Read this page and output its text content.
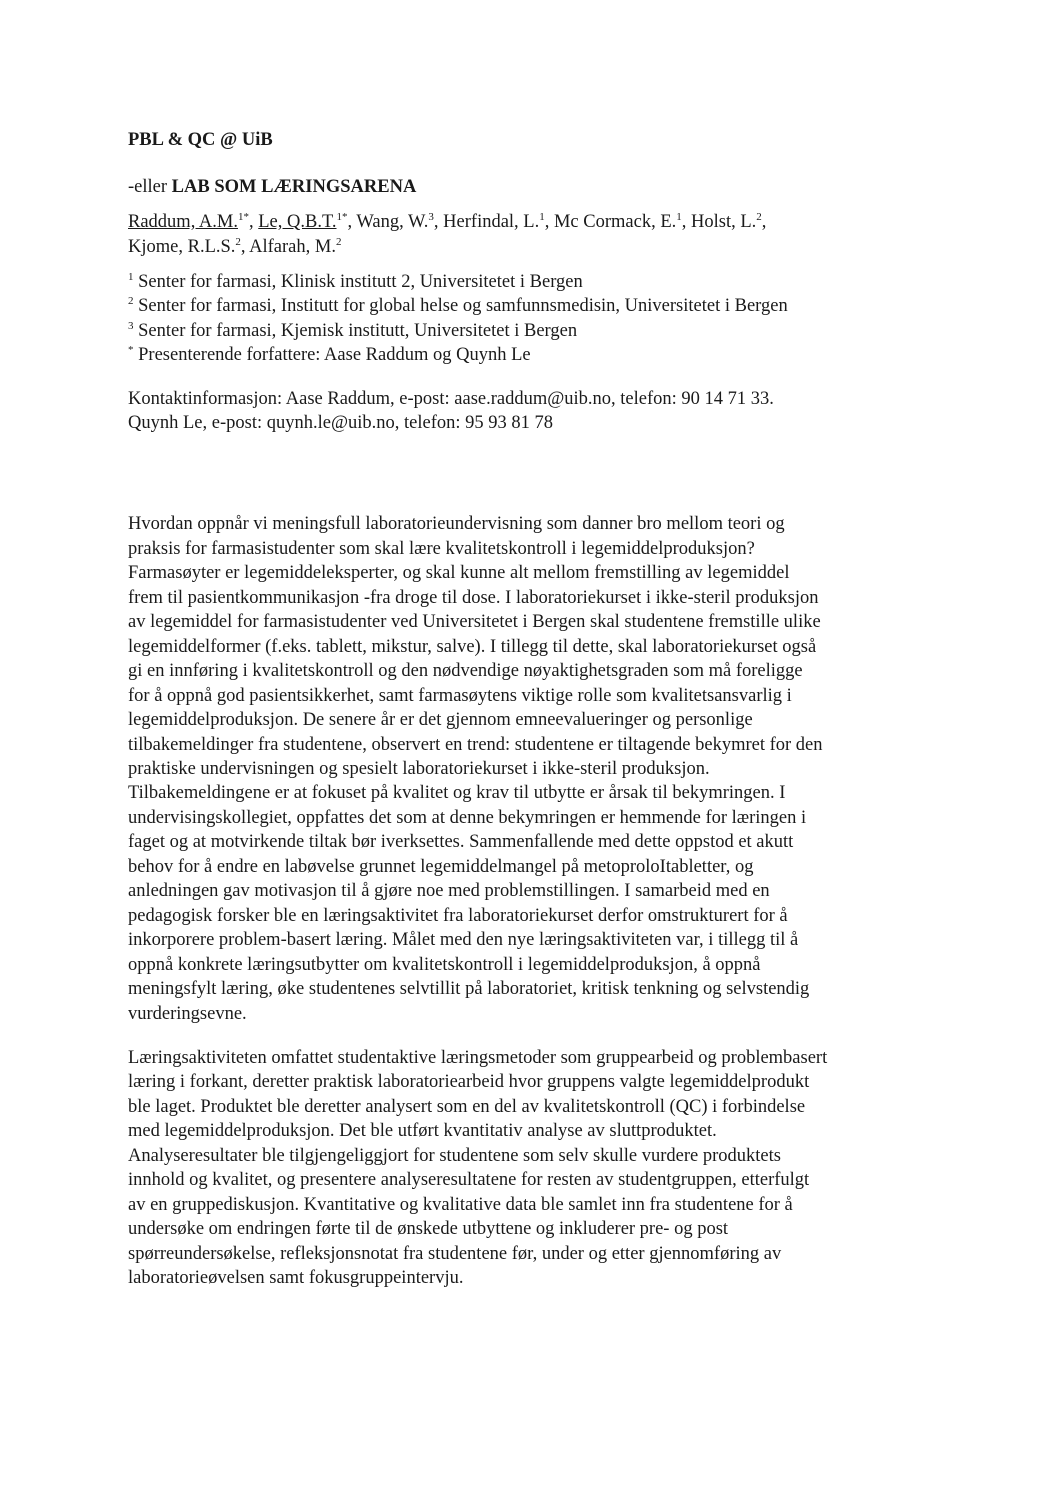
PBL & QC @ UiB

-eller LAB SOM LÆRINGSARENA

Raddum, A.M.$^{1*}$, Le, Q.B.T.$^{1*}$, Wang, W.$^3$, Herfindal, L.$^1$, Mc Cormack, E.$^1$, Holst, L.$^2$,
Kjome, R.L.S.$^2$, Alfarah, M.$^2$

$^1$ Senter for farmasi, Klinisk institutt 2, Universitetet i Bergen

$^2$ Senter for farmasi, Institutt for global helse og samfunnsmedisin, Universitetet i Bergen

$^3$ Senter for farmasi, Kjemisk institutt, Universitetet i Bergen

* Presenterende forfattere: Aase Raddum og Quynh Le

Kontaktinformasjon: Aase Raddum, e-post: aase.raddum@uib.no, telefon: 90 14 71 33.
Quynh Le, e-post: quynh.le@uib.no, telefon: 95 93 81 78
Hvordan oppnår vi meningsfull laboratorieundervisning som danner bro mellom teori og
praksis for farmasistudenter som skal lære kvalitetskontroll i legemiddelproduksjon?
Farmasøyter er legemiddeleksperter, og skal kunne alt mellom fremstilling av legemiddel
frem til pasientkommunikasjon -fra droge til dose. I laboratoriekurset i ikke-steril produksjon
av legemiddel for farmasistudenter ved Universitetet i Bergen skal studentene fremstille ulike
legemiddelformer (f.eks. tablett, mikstur, salve). I tillegg til dette, skal laboratoriekurset også
gi en innføring i kvalitetskontroll og den nødvendige nøyaktighetsgraden som må foreligge
for å oppnå god pasientsikkerhet, samt farmasøytens viktige rolle som kvalitetsansvarlig i
legemiddelproduksjon. De senere år er det gjennom emneevalueringer og personlige
tilbakemeldinger fra studentene, observert en trend: studentene er tiltagende bekymret for den
praktiske undervisningen og spesielt laboratoriekurset i ikke-steril produksjon.
Tilbakemeldingene er at fokuset på kvalitet og krav til utbytte er årsak til bekymringen. I
undervisingskollegiet, oppfattes det som at denne bekymringen er hemmende for læringen i
faget og at motvirkende tiltak bør iverksettes. Sammenfallende med dette oppstod et akutt
behov for å endre en labøvelse grunnet legemiddelmangel på metoproloItabletter, og
anledningen gav motivasjon til å gjøre noe med problemstillingen. I samarbeid med en
pedagogisk forsker ble en læringsaktivitet fra laboratoriekurset derfor omstrukturert for å
inkorporere problem-basert læring. Målet med den nye læringsaktiviteten var, i tillegg til å
oppnå konkrete læringsutbytter om kvalitetskontroll i legemiddelproduksjon, å oppnå
meningsfylt læring, øke studentenes selvtillit på laboratoriet, kritisk tenkning og selvstendig
vurderingsevne.
Læringsaktiviteten omfattet studentaktive læringsmetoder som gruppearbeid og problembasert
læring i forkant, deretter praktisk laboratoriearbeid hvor gruppens valgte legemiddelprodukt
ble laget. Produktet ble deretter analysert som en del av kvalitetskontroll (QC) i forbindelse
med legemiddelproduksjon. Det ble utført kvantitativ analyse av sluttproduktet.
Analyseresultater ble tilgjengeliggjort for studentene som selv skulle vurdere produktets
innhold og kvalitet, og presentere analyseresultatene for resten av studentgruppen, etterfulgt
av en gruppediskusjon. Kvantitative og kvalitative data ble samlet inn fra studentene for å
undersøke om endringen førte til de ønskede utbyttene og inkluderer pre- og post
spørreundersøkelse, refleksjonsnotat fra studentene før, under og etter gjennomføring av
laboratorieøvelsen samt fokusgruppeintervju.
